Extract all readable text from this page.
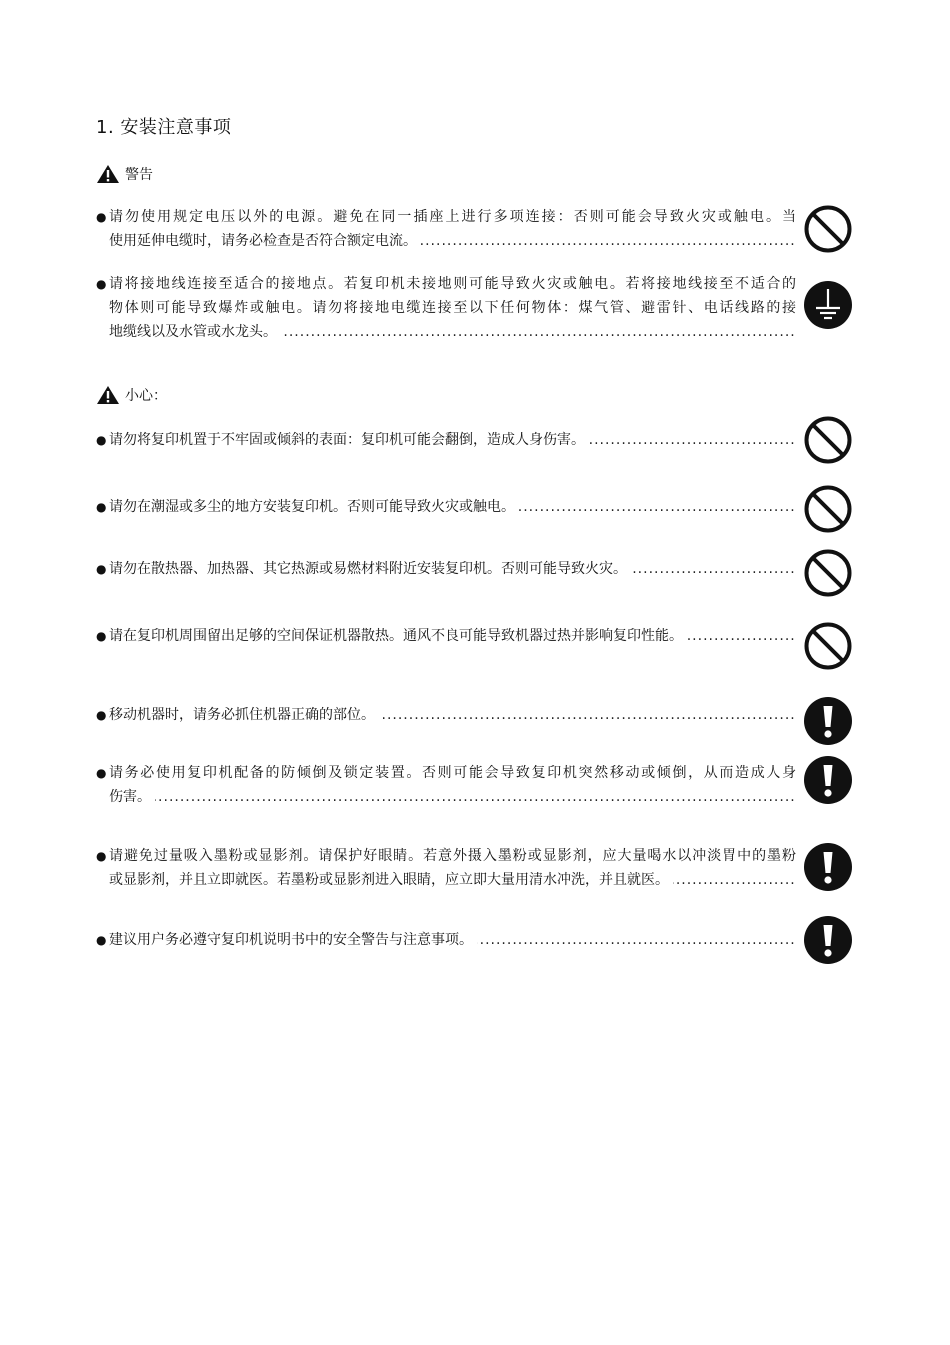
1. 安装注意事项
警告
● 请勿使用规定电压以外的电源。避免在同一插座上进行多项连接：否则可能会导致火灾或触电。当
使用延伸电缆时，请务必检查是否符合额定电流。 .....
● 请将接地线连接至适合的接地点。若复印机未接地则可能导致火灾或触电。若将接地线接至不适合的
物体则可能导致爆炸或触电。请勿将接地电缆连接至以下任何物体：煤气管、避雷针、电话线路的接
地缆线以及水管或水龙头。 .....
小心：
● 请勿将复印机置于不牢固或倾斜的表面：复印机可能会翻倒，造成人身伤害。 .....
● 请勿在潮湿或多尘的地方安装复印机。否则可能导致火灾或触电。 .....
● 请勿在散热器、加热器、其它热源或易燃材料附近安装复印机。否则可能导致火灾。 .....
● 请在复印机周围留出足够的空间保证机器散热。通风不良可能导致机器过热并影响复印性能。 .....
● 移动机器时，请务必抓住机器正确的部位。 .....
● 请务必使用复印机配备的防倾倒及锁定装置。否则可能会导致复印机突然移动或倾倒，从而造成人身
伤害。 .....
● 请避免过量吸入墨粉或显影剂。请保护好眼睛。若意外摄入墨粉或显影剂，应大量喝水以冲淡胃中的墨粉
或显影剂，并且立即就医。若墨粉或显影剂进入眼睛，应立即大量用清水冲洗，并且就医。 .....
● 建议用户务必遵守复印机说明书中的安全警告与注意事项。 .....
